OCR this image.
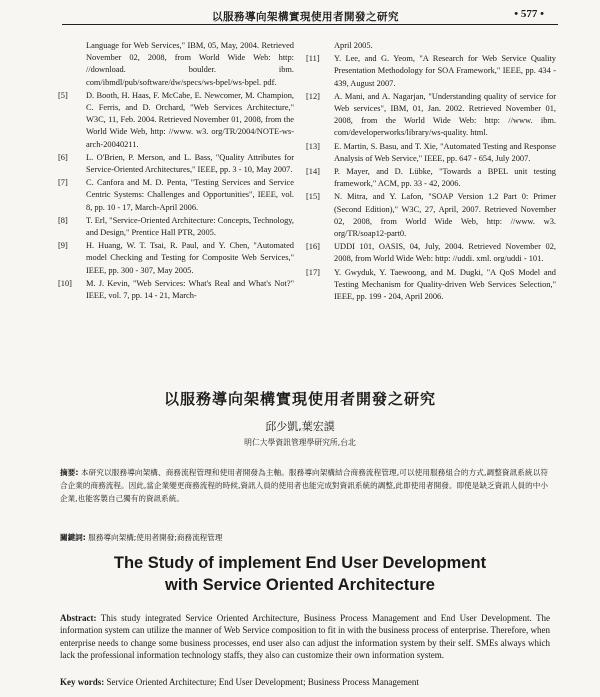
以服務導向架構實現使用者開發之研究	• 577 •
Language for Web Services," IBM, 05, May, 2004. Retrieved November 02, 2008, from World Wide Web: http: //download. boulder. ibm. com/ibmdl/pub/software/dw/specs/ws-bpel/ws-bpel. pdf.
[5] D. Booth, H. Haas, F. McCabe, E. Newcomer, M. Champion, C. Ferris, and D. Orchard, "Web Services Architecture," W3C, 11, Feb. 2004. Retrieved November 01, 2008, from the World Wide Web, http: //www. w3. org/TR/2004/NOTE-ws-arch-20040211.
[6] L. O'Brien, P. Merson, and L. Bass, "Quality Attributes for Service-Oriented Architectures," IEEE, pp. 3 - 10, May 2007.
[7] C. Canfora and M. D. Penta, "Testing Services and Service Centric Systems: Challenges and Opportunities", IEEE, vol. 8, pp. 10 - 17, March-April 2006.
[8] T. Erl, "Service-Oriented Architecture: Concepts, Technology, and Design," Prentice Hall PTR, 2005.
[9] H. Huang, W. T. Tsai, R. Paul, and Y. Chen, "Automated model Checking and Testing for Composite Web Services," IEEE, pp. 300 - 307, May 2005.
[10] M. J. Kevin, "Web Services: What's Real and What's Not?" IEEE, vol. 7, pp. 14 - 21, March-
April 2005.
[11] Y. Lee, and G. Yeom, "A Research for Web Service Quality Presentation Methodology for SOA Framework," IEEE, pp. 434 - 439, August 2007.
[12] A. Mani, and A. Nagarjan, "Understanding quality of service for Web services", IBM, 01, Jan. 2002. Retrieved November 01, 2008, from the World Wide Web: http: //www. ibm. com/developerworks/library/ws-quality. html.
[13] E. Martin, S. Basu, and T. Xie, "Automated Testing and Response Analysis of Web Service," IEEE, pp. 647 - 654, July 2007.
[14] P. Mayer, and D. Lübke, "Towards a BPEL unit testing framework," ACM, pp. 33 - 42, 2006.
[15] N. Mitra, and Y. Lafon, "SOAP Version 1.2 Part 0: Primer (Second Edition)," W3C, 27, April, 2007. Retrieved November 02, 2008, from World Wide Web, http: //www. w3. org/TR/soap12-part0.
[16] UDDI 101, OASIS, 04, July, 2004. Retrieved November 02, 2008, from World Wide Web: http: //uddi. xml. org/uddi - 101.
[17] Y. Gwyduk, Y. Taewoong, and M. Dugki, "A QoS Model and Testing Mechanism for Quality-driven Web Services Selection," IEEE, pp. 199 - 204, April 2006.
以服務導向架構實現使用者開發之研究
邱少凱,葉宏謨
明仁大學資訊管理學研究所,台北
摘要: 本研究以服務導向架構、商務流程管理和使用者開發為主軸。服務導向架構結合商務流程管理,可以使用服務組合的方式,調整資訊系統以符合企業的商務流程。因此,當企業變更商務流程的時候,資訊人員的使用者也能完成對資訊系統的調整,此即使用者開發。即使是缺乏資訊人員的中小企業,也能客製自己獨有的資訊系統。
關鍵詞: 服務導向架構;使用者開發;商務流程管理
The Study of implement End User Development
with Service Oriented Architecture
Abstract: This study integrated Service Oriented Architecture, Business Process Management and End User Development. The information system can utilize the manner of Web Service composition to fit in with the business process of enterprise. Therefore, when enterprise needs to change some business processes, end user also can adjust the information system by their self. SMEs always which lack the professional information technology staffs, they also can customize their own information system.
Key words: Service Oriented Architecture; End User Development; Business Process Management
